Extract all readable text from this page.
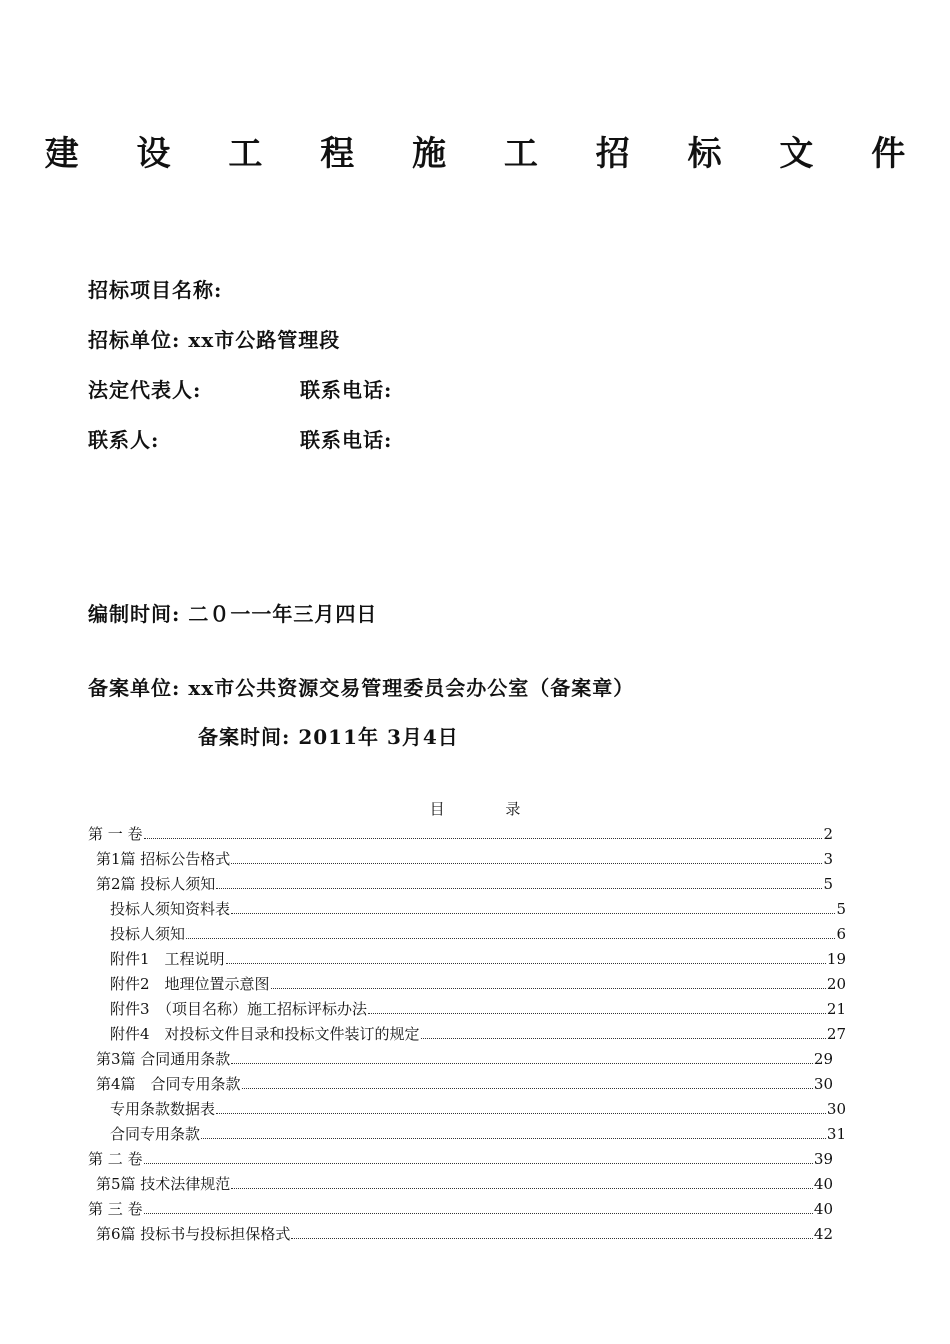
建 设 工 程 施 工 招 标 文 件
招标项目名称:
招标单位: xx市公路管理段
法定代表人:	联系电话:
联系人:	联系电话:
编制时间: 二０一一年三月四日
备案单位: xx市公共资源交易管理委员会办公室（备案章）
备案时间: 2011年 3月4日
目 录
第 一 卷	2
第1篇 招标公告格式	3
第2篇 投标人须知	5
投标人须知资料表	5
投标人须知	6
附件1　工程说明	19
附件2　地理位置示意图	20
附件3　（项目名称）施工招标评标办法	21
附件4　对投标文件目录和投标文件装订的规定	27
第3篇 合同通用条款	29
第4篇　合同专用条款	30
专用条款数据表	30
合同专用条款	31
第 二 卷	39
第5篇 技术法律规范	40
第 三 卷	40
第6篇 投标书与投标担保格式	42
